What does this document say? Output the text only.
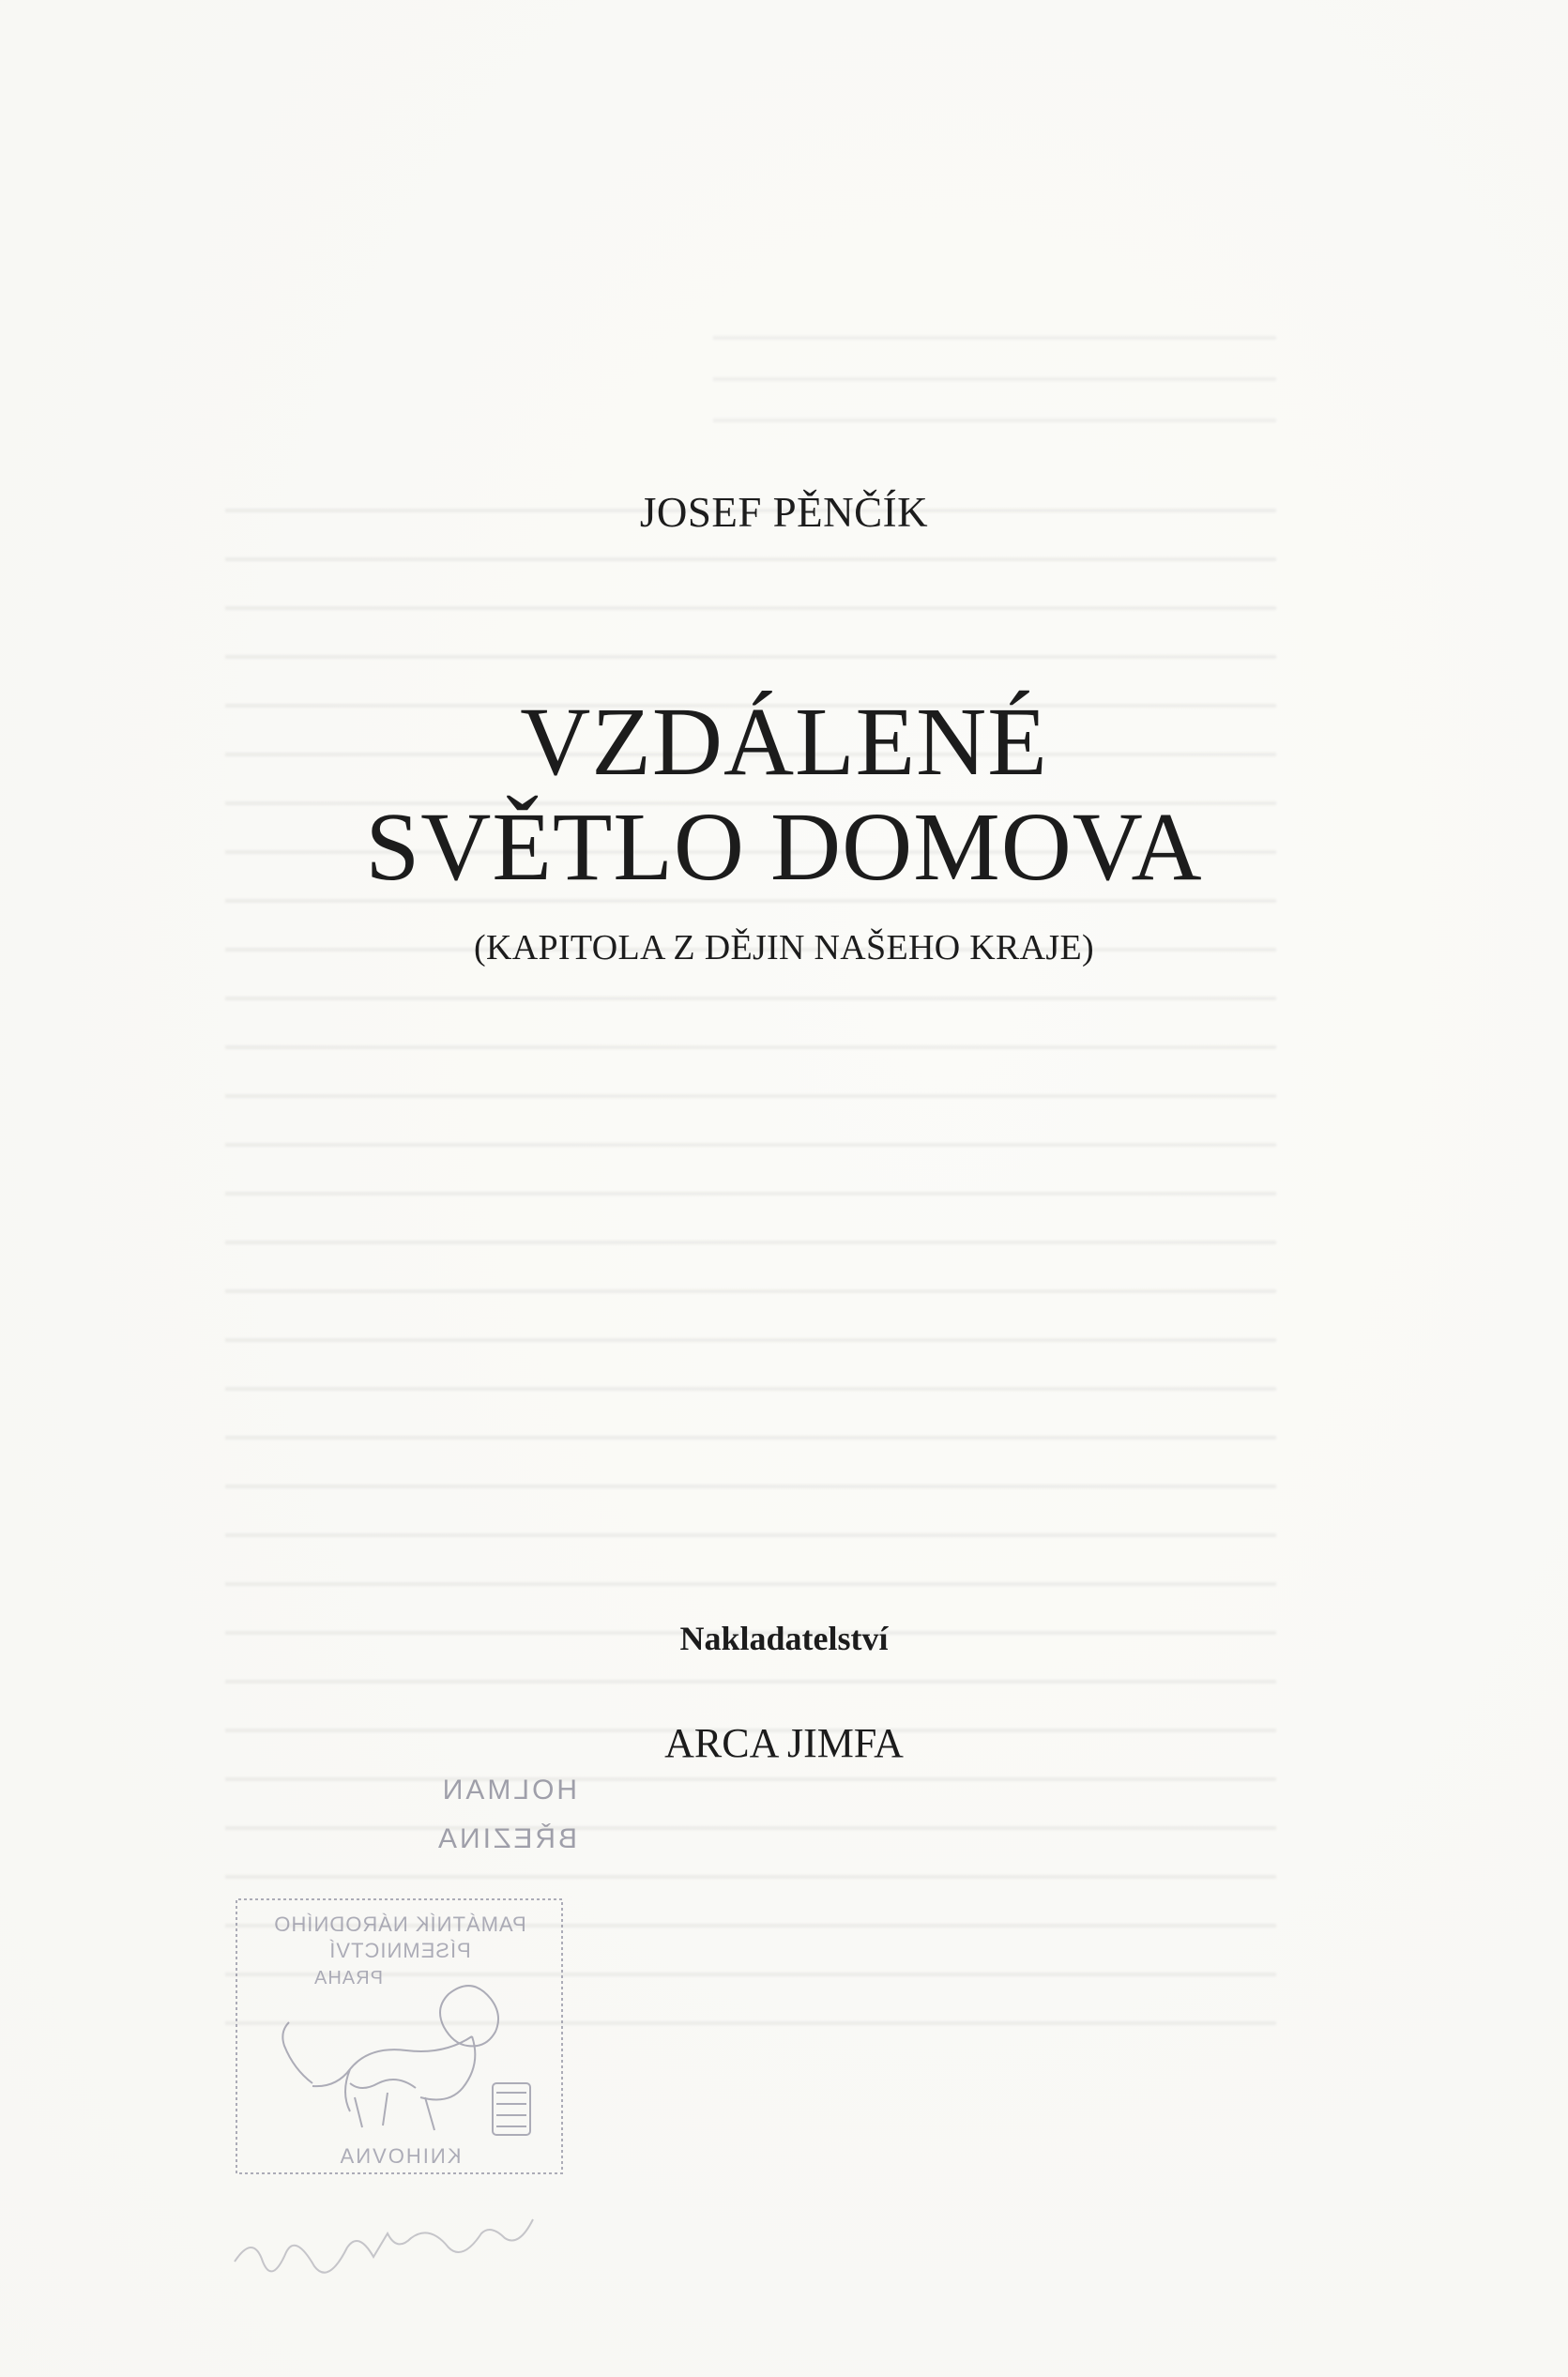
JOSEF PĚNČÍK
VZDÁLENÉ
SVĚTLO DOMOVA
(KAPITOLA Z DĚJIN NAŠEHO KRAJE)
Nakladatelství
ARCA JIMFA
HOLMAN
BŘEZINA
PAMÁTNÍK NÁRODNÍHO
PÍSEMNICTVÍ
PRAHA
KNIHOVNA
